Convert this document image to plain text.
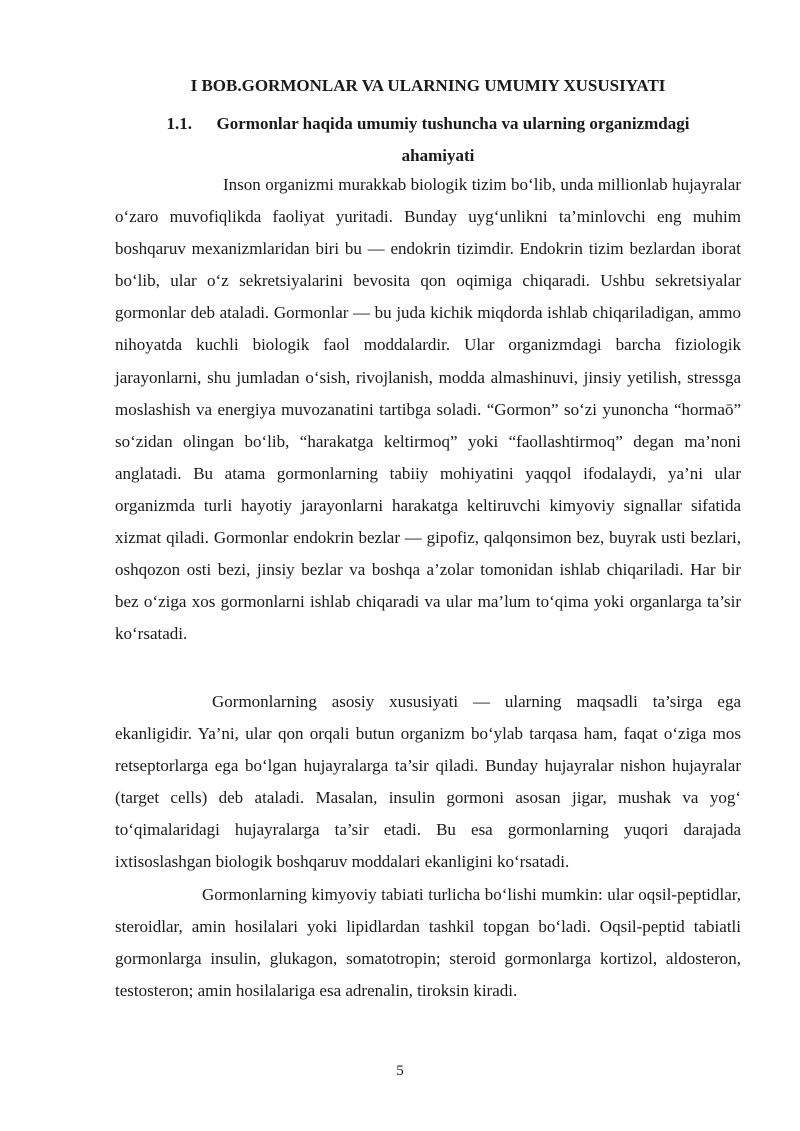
I BOB.GORMONLAR VA ULARNING UMUMIY XUSUSIYATI
1.1.	Gormonlar haqida umumiy tushuncha va ularning organizmdagi
ahamiyati

Inson organizmi murakkab biologik tizim bo‘lib, unda millionlab hujayralar o‘zaro muvofiqlikda faoliyat yuritadi. Bunday uyg‘unlikni ta’minlovchi eng muhim boshqaruv mexanizmlaridan biri bu — endokrin tizimdir. Endokrin tizim bezlardan iborat bo‘lib, ular o‘z sekretsiyalarini bevosita qon oqimiga chiqaradi. Ushbu sekretsiyalar gormonlar deb ataladi. Gormonlar — bu juda kichik miqdorda ishlab chiqariladigan, ammo nihoyatda kuchli biologik faol moddalardir. Ular organizmdagi barcha fiziologik jarayonlarni, shu jumladan o‘sish, rivojlanish, modda almashinuvi, jinsiy yetilish, stressga moslashish va energiya muvozanatini tartibga soladi. “Gormon” so‘zi yunoncha “hormaō” so‘zidan olingan bo‘lib, “harakatga keltirmoq” yoki “faollashtirmoq” degan ma’noni anglatadi. Bu atama gormonlarning tabiiy mohiyatini yaqqol ifodalaydi, ya’ni ular organizmda turli hayotiy jarayonlarni harakatga keltiruvchi kimyoviy signallar sifatida xizmat qiladi. Gormonlar endokrin bezlar — gipofiz, qalqonsimon bez, buyrak usti bezlari, oshqozon osti bezi, jinsiy bezlar va boshqa a’zolar tomonidan ishlab chiqariladi. Har bir bez o‘ziga xos gormonlarni ishlab chiqaradi va ular ma’lum to‘qima yoki organlarga ta’sir ko‘rsatadi.

Gormonlarning asosiy xususiyati — ularning maqsadli ta’sirga ega ekanligidir. Ya’ni, ular qon orqali butun organizm bo‘ylab tarqasa ham, faqat o‘ziga mos retseptorlarga ega bo‘lgan hujayralarga ta’sir qiladi. Bunday hujayralar nishon hujayralar (target cells) deb ataladi. Masalan, insulin gormoni asosan jigar, mushak va yog‘ to‘qimalaridagi hujayralarga ta’sir etadi. Bu esa gormonlarning yuqori darajada ixtisoslashgan biologik boshqaruv moddalari ekanligini ko‘rsatadi.

Gormonlarning kimyoviy tabiati turlicha bo‘lishi mumkin: ular oqsil-peptidlar, steroidlar, amin hosilalari yoki lipidlardan tashkil topgan bo‘ladi. Oqsil-peptid tabiatli gormonlarga insulin, glukagon, somatotropin; steroid gormonlarga kortizol, aldosteron, testosteron; amin hosilalariga esa adrenalin, tiroksin kiradi.

5
